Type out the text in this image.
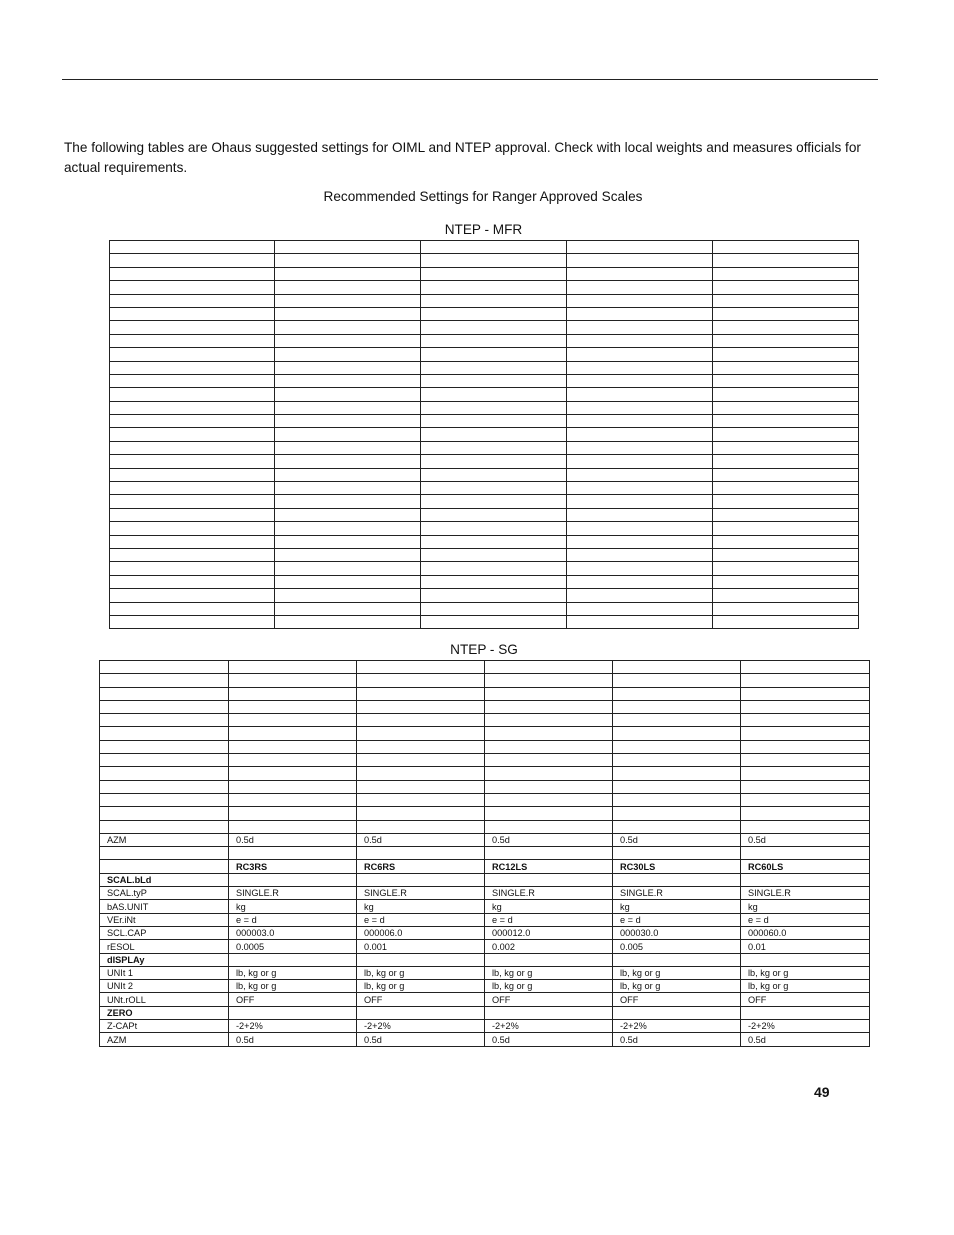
The following tables are Ohaus suggested settings for OIML and NTEP approval. Check with local weights and measures officials for actual requirements.
Recommended Settings for Ranger Approved Scales
NTEP - MFR

NTEP - SG

AZM	0.5d	0.5d	0.5d	0.5d	0.5d

	RC3RS	RC6RS	RC12LS	RC30LS	RC60LS
SCAL.bLd					
SCAL.tyP	SINGLE.R	SINGLE.R	SINGLE.R	SINGLE.R	SINGLE.R
bAS.UNIT	kg	kg	kg	kg	kg
VEr.iNt	e = d	e = d	e = d	e = d	e = d
SCL.CAP	000003.0	000006.0	000012.0	000030.0	000060.0
rESOL	0.0005	0.001	0.002	0.005	0.01
dISPLAy					
UNIt 1	lb, kg or g	lb, kg or g	lb, kg or g	lb, kg or g	lb, kg or g
UNIt 2	lb, kg or g	lb, kg or g	lb, kg or g	lb, kg or g	lb, kg or g
UNt.rOLL	OFF	OFF	OFF	OFF	OFF
ZERO					
Z-CAPt	-2+2%	-2+2%	-2+2%	-2+2%	-2+2%
AZM	0.5d	0.5d	0.5d	0.5d	0.5d
49
